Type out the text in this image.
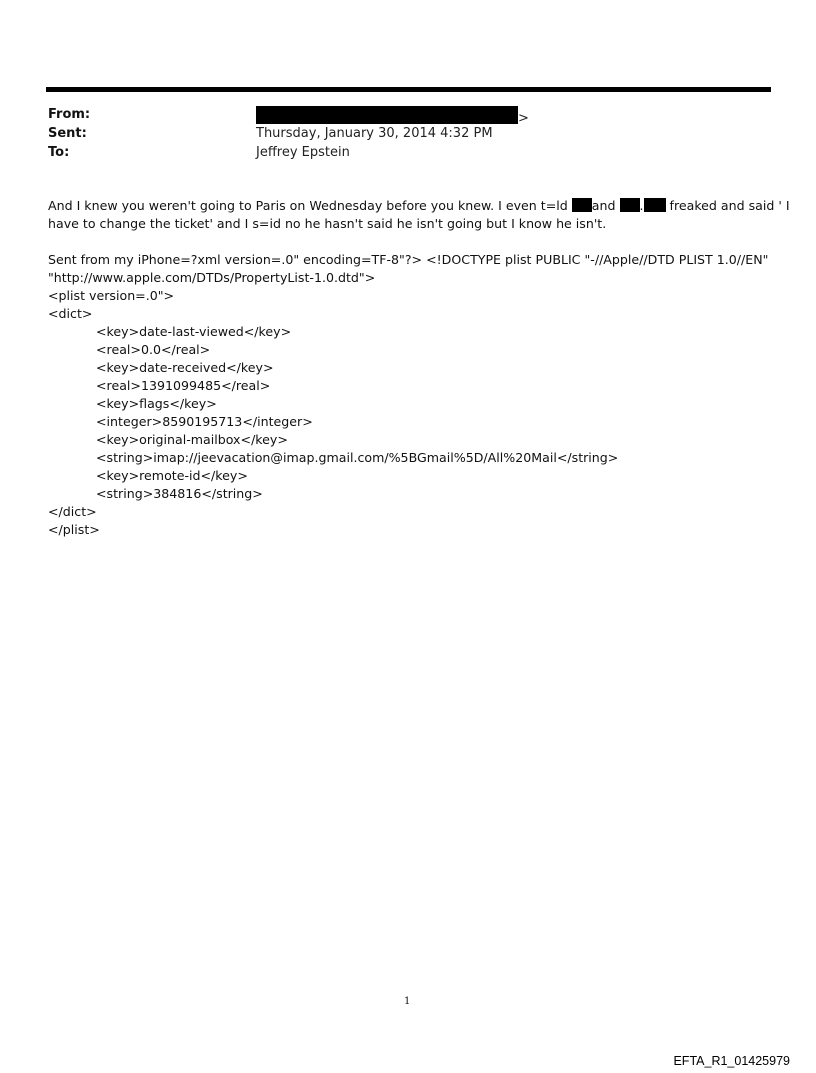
From:	>
Sent:	Thursday, January 30, 2014 4:32 PM
To:	Jeffrey Epstein
And I knew you weren't going to Paris on Wednesday before you knew. I even t=ld and . freaked and said ' I
have to change the ticket' and I s=id no he hasn't said he isn't going but I know he isn't.
Sent from my iPhone=?xml version=.0" encoding=TF-8"?> <!DOCTYPE plist PUBLIC "-//Apple//DTD PLIST 1.0//EN"
"http://www.apple.com/DTDs/PropertyList-1.0.dtd">
<plist version=.0">
<dict>
<key>date-last-viewed</key>
<real>0.0</real>
<key>date-received</key>
<real>1391099485</real>
<key>flags</key>
<integer>8590195713</integer>
<key>original-mailbox</key>
<string>imap://jeevacation@imap.gmail.com/%5BGmail%5D/All%20Mail</string>
<key>remote-id</key>
<string>384816</string>
</dict>
</plist>
1
EFTA_R1_01425979
